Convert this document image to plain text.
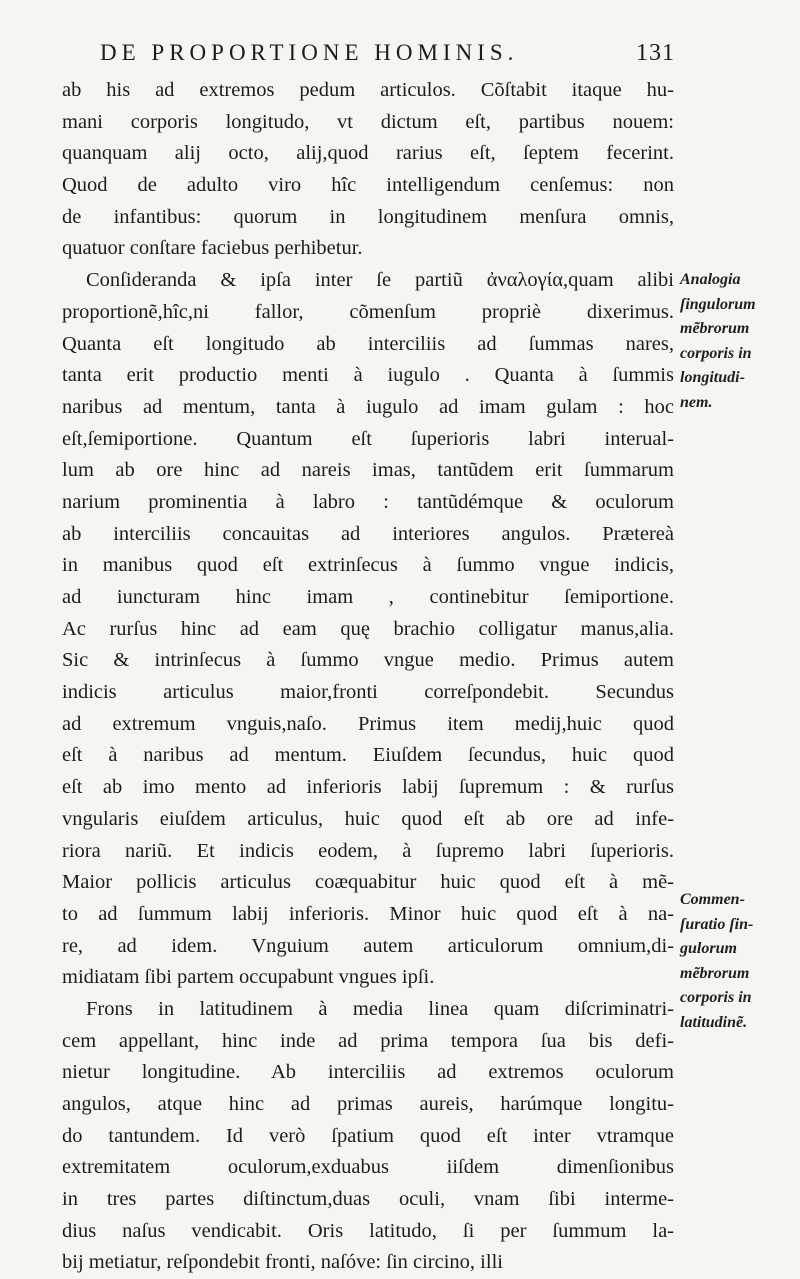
DE PROPORTIONE HOMINIS.	131
ab his ad extremos pedum articulos. Cõſtabit itaque hu-
mani corporis longitudo, vt dictum eſt, partibus nouem:
quanquam alij octo, alij,quod rarius eſt, ſeptem fecerint.
Quod de adulto viro hîc intelligendum cenſemus: non
de infantibus: quorum in longitudinem menſura omnis,
quatuor conſtare faciebus perhibetur.
Conſideranda & ipſa inter ſe partiũ ἀναλογία,quam alibi
proportionẽ,hîc,ni fallor, cõmenſum propriè dixerimus.
Quanta eſt longitudo ab interciliis ad ſummas nares,
tanta erit productio menti à iugulo . Quanta à ſummis
naribus ad mentum, tanta à iugulo ad imam gulam : hoc
eſt,ſemiportione. Quantum eſt ſuperioris labri interual-
lum ab ore hinc ad nareis imas, tantũdem erit ſummarum
narium prominentia à labro : tantũdémque & oculorum
ab interciliis concauitas ad interiores angulos. Prætereà
in manibus quod eſt extrinſecus à ſummo vngue indicis,
ad iuncturam hinc imam , continebitur ſemiportione.
Ac rurſus hinc ad eam quę brachio colligatur manus,alia.
Sic & intrinſecus à ſummo vngue medio. Primus autem
indicis articulus maior,fronti correſpondebit. Secundus
ad extremum vnguis,naſo. Primus item medij,huic quod
eſt à naribus ad mentum. Eiuſdem ſecundus, huic quod
eſt ab imo mento ad inferioris labij ſupremum : & rurſus
vngularis eiuſdem articulus, huic quod eſt ab ore ad infe-
riora nariũ. Et indicis eodem, à ſupremo labri ſuperioris.
Maior pollicis articulus coæquabitur huic quod eſt à mẽ-
to ad ſummum labij inferioris. Minor huic quod eſt à na-
re, ad idem. Vnguium autem articulorum omnium,di-
midiatam ſibi partem occupabunt vngues ipſi.
Frons in latitudinem à media linea quam diſcriminatri-
cem appellant, hinc inde ad prima tempora ſua bis defi-
nietur longitudine. Ab interciliis ad extremos oculorum
angulos, atque hinc ad primas aureis, harúmque longitu-
do tantundem. Id verò ſpatium quod eſt inter vtramque
extremitatem oculorum,exduabus iiſdem dimenſionibus
in tres partes diſtinctum,duas oculi, vnam ſibi interme-
dius naſus vendicabit. Oris latitudo, ſi per ſummum la-
bij metiatur, reſpondebit fronti, naſóve: ſin circino, illi
Analogia
ſingulorum
mẽbrorum
corporis in
longitudi-
nem.
Commen-
ſuratio ſin-
gulorum
mẽbrorum
corporis in
latitudinẽ.
